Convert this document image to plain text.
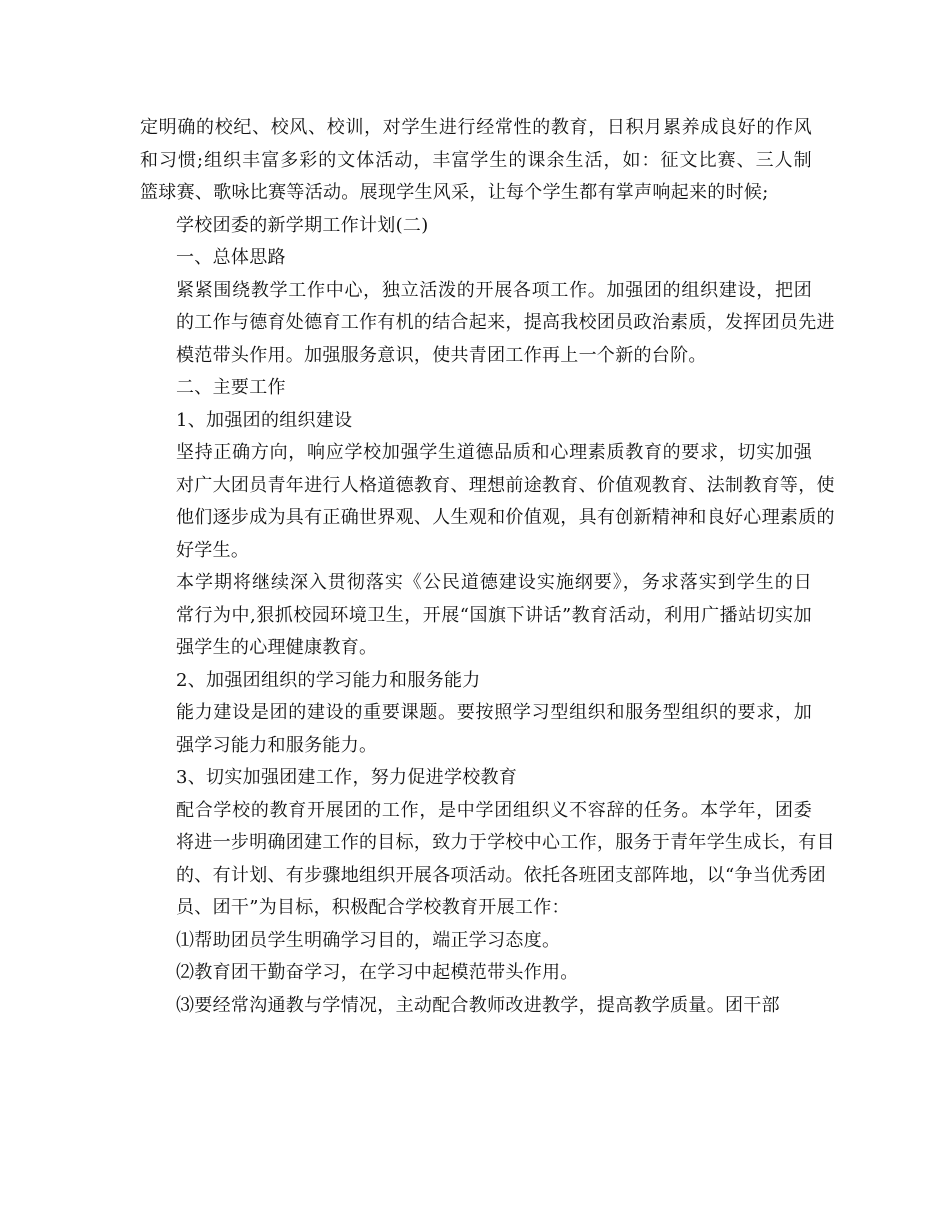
定明确的校纪、校风、校训，对学生进行经常性的教育，日积月累养成良好的作风
和习惯;组织丰富多彩的文体活动，丰富学生的课余生活，如：征文比赛、三人制
篮球赛、歌咏比赛等活动。展现学生风采，让每个学生都有掌声响起来的时候;
学校团委的新学期工作计划(二)
一、总体思路
紧紧围绕教学工作中心，独立活泼的开展各项工作。加强团的组织建设，把团
的工作与德育处德育工作有机的结合起来，提高我校团员政治素质，发挥团员先进
模范带头作用。加强服务意识，使共青团工作再上一个新的台阶。
二、主要工作
1、加强团的组织建设
坚持正确方向，响应学校加强学生道德品质和心理素质教育的要求，切实加强
对广大团员青年进行人格道德教育、理想前途教育、价值观教育、法制教育等，使
他们逐步成为具有正确世界观、人生观和价值观，具有创新精神和良好心理素质的
好学生。
本学期将继续深入贯彻落实《公民道德建设实施纲要》，务求落实到学生的日
常行为中,狠抓校园环境卫生，开展“国旗下讲话”教育活动，利用广播站切实加
强学生的心理健康教育。
2、加强团组织的学习能力和服务能力
能力建设是团的建设的重要课题。要按照学习型组织和服务型组织的要求，加
强学习能力和服务能力。
3、切实加强团建工作，努力促进学校教育
配合学校的教育开展团的工作，是中学团组织义不容辞的任务。本学年，团委
将进一步明确团建工作的目标，致力于学校中心工作，服务于青年学生成长，有目
的、有计划、有步骤地组织开展各项活动。依托各班团支部阵地，以“争当优秀团
员、团干”为目标，积极配合学校教育开展工作：
⑴帮助团员学生明确学习目的，端正学习态度。
⑵教育团干勤奋学习，在学习中起模范带头作用。
⑶要经常沟通教与学情况，主动配合教师改进教学，提高教学质量。团干部
